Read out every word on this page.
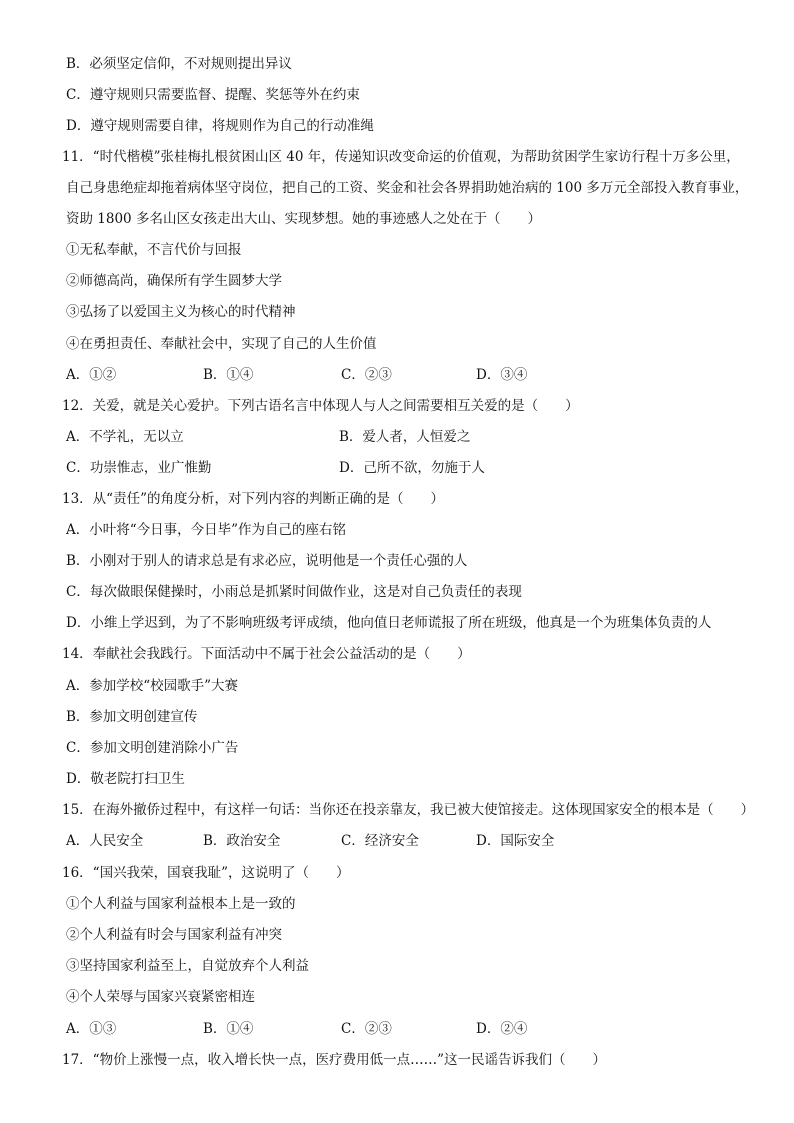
B．必须坚定信仰，不对规则提出异议
C．遵守规则只需要监督、提醒、奖惩等外在约束
D．遵守规则需要自律，将规则作为自己的行动准绳
11．“时代楷模”张桂梅扎根贫困山区 40 年，传递知识改变命运的价值观，为帮助贫困学生家访行程十万多公里，
自己身患绝症却拖着病体坚守岗位，把自己的工资、奖金和社会各界捐助她治病的 100 多万元全部投入教育事业，
资助 1800 多名山区女孩走出大山、实现梦想。她的事迹感人之处在于（　　）
①无私奉献，不言代价与回报
②师德高尚，确保所有学生圆梦大学
③弘扬了以爱国主义为核心的时代精神
④在勇担责任、奉献社会中，实现了自己的人生价值
12．关爱，就是关心爱护。下列古语名言中体现人与人之间需要相互关爱的是（　　）
13．从“责任”的角度分析，对下列内容的判断正确的是（　　）
A．小叶将“今日事，今日毕”作为自己的座右铭
B．小刚对于别人的请求总是有求必应，说明他是一个责任心强的人
C．每次做眼保健操时，小雨总是抓紧时间做作业，这是对自己负责任的表现
D．小维上学迟到，为了不影响班级考评成绩，他向值日老师谎报了所在班级，他真是一个为班集体负责的人
14．奉献社会我践行。下面活动中不属于社会公益活动的是（　　）
A．参加学校“校园歌手”大赛
B．参加文明创建宣传
C．参加文明创建消除小广告
D．敬老院打扫卫生
15．在海外撤侨过程中，有这样一句话：当你还在投亲靠友，我已被大使馆接走。这体现国家安全的根本是（　　）
16．“国兴我荣，国衰我耻”，这说明了（　　）
①个人利益与国家利益根本上是一致的
②个人利益有时会与国家利益有冲突
③坚持国家利益至上，自觉放弃个人利益
④个人荣辱与国家兴衰紧密相连
17．“物价上涨慢一点，收入增长快一点，医疗费用低一点……”这一民谣告诉我们（　　）
A．①②	B．①④	C．②③	D．③④
A．人民安全	B．政治安全	C．经济安全	D．国际安全
A．①③	B．①④	C．②③	D．②④
A．不学礼，无以立	B．爱人者，人恒爱之
C．功崇惟志，业广惟勤	D．己所不欲，勿施于人
